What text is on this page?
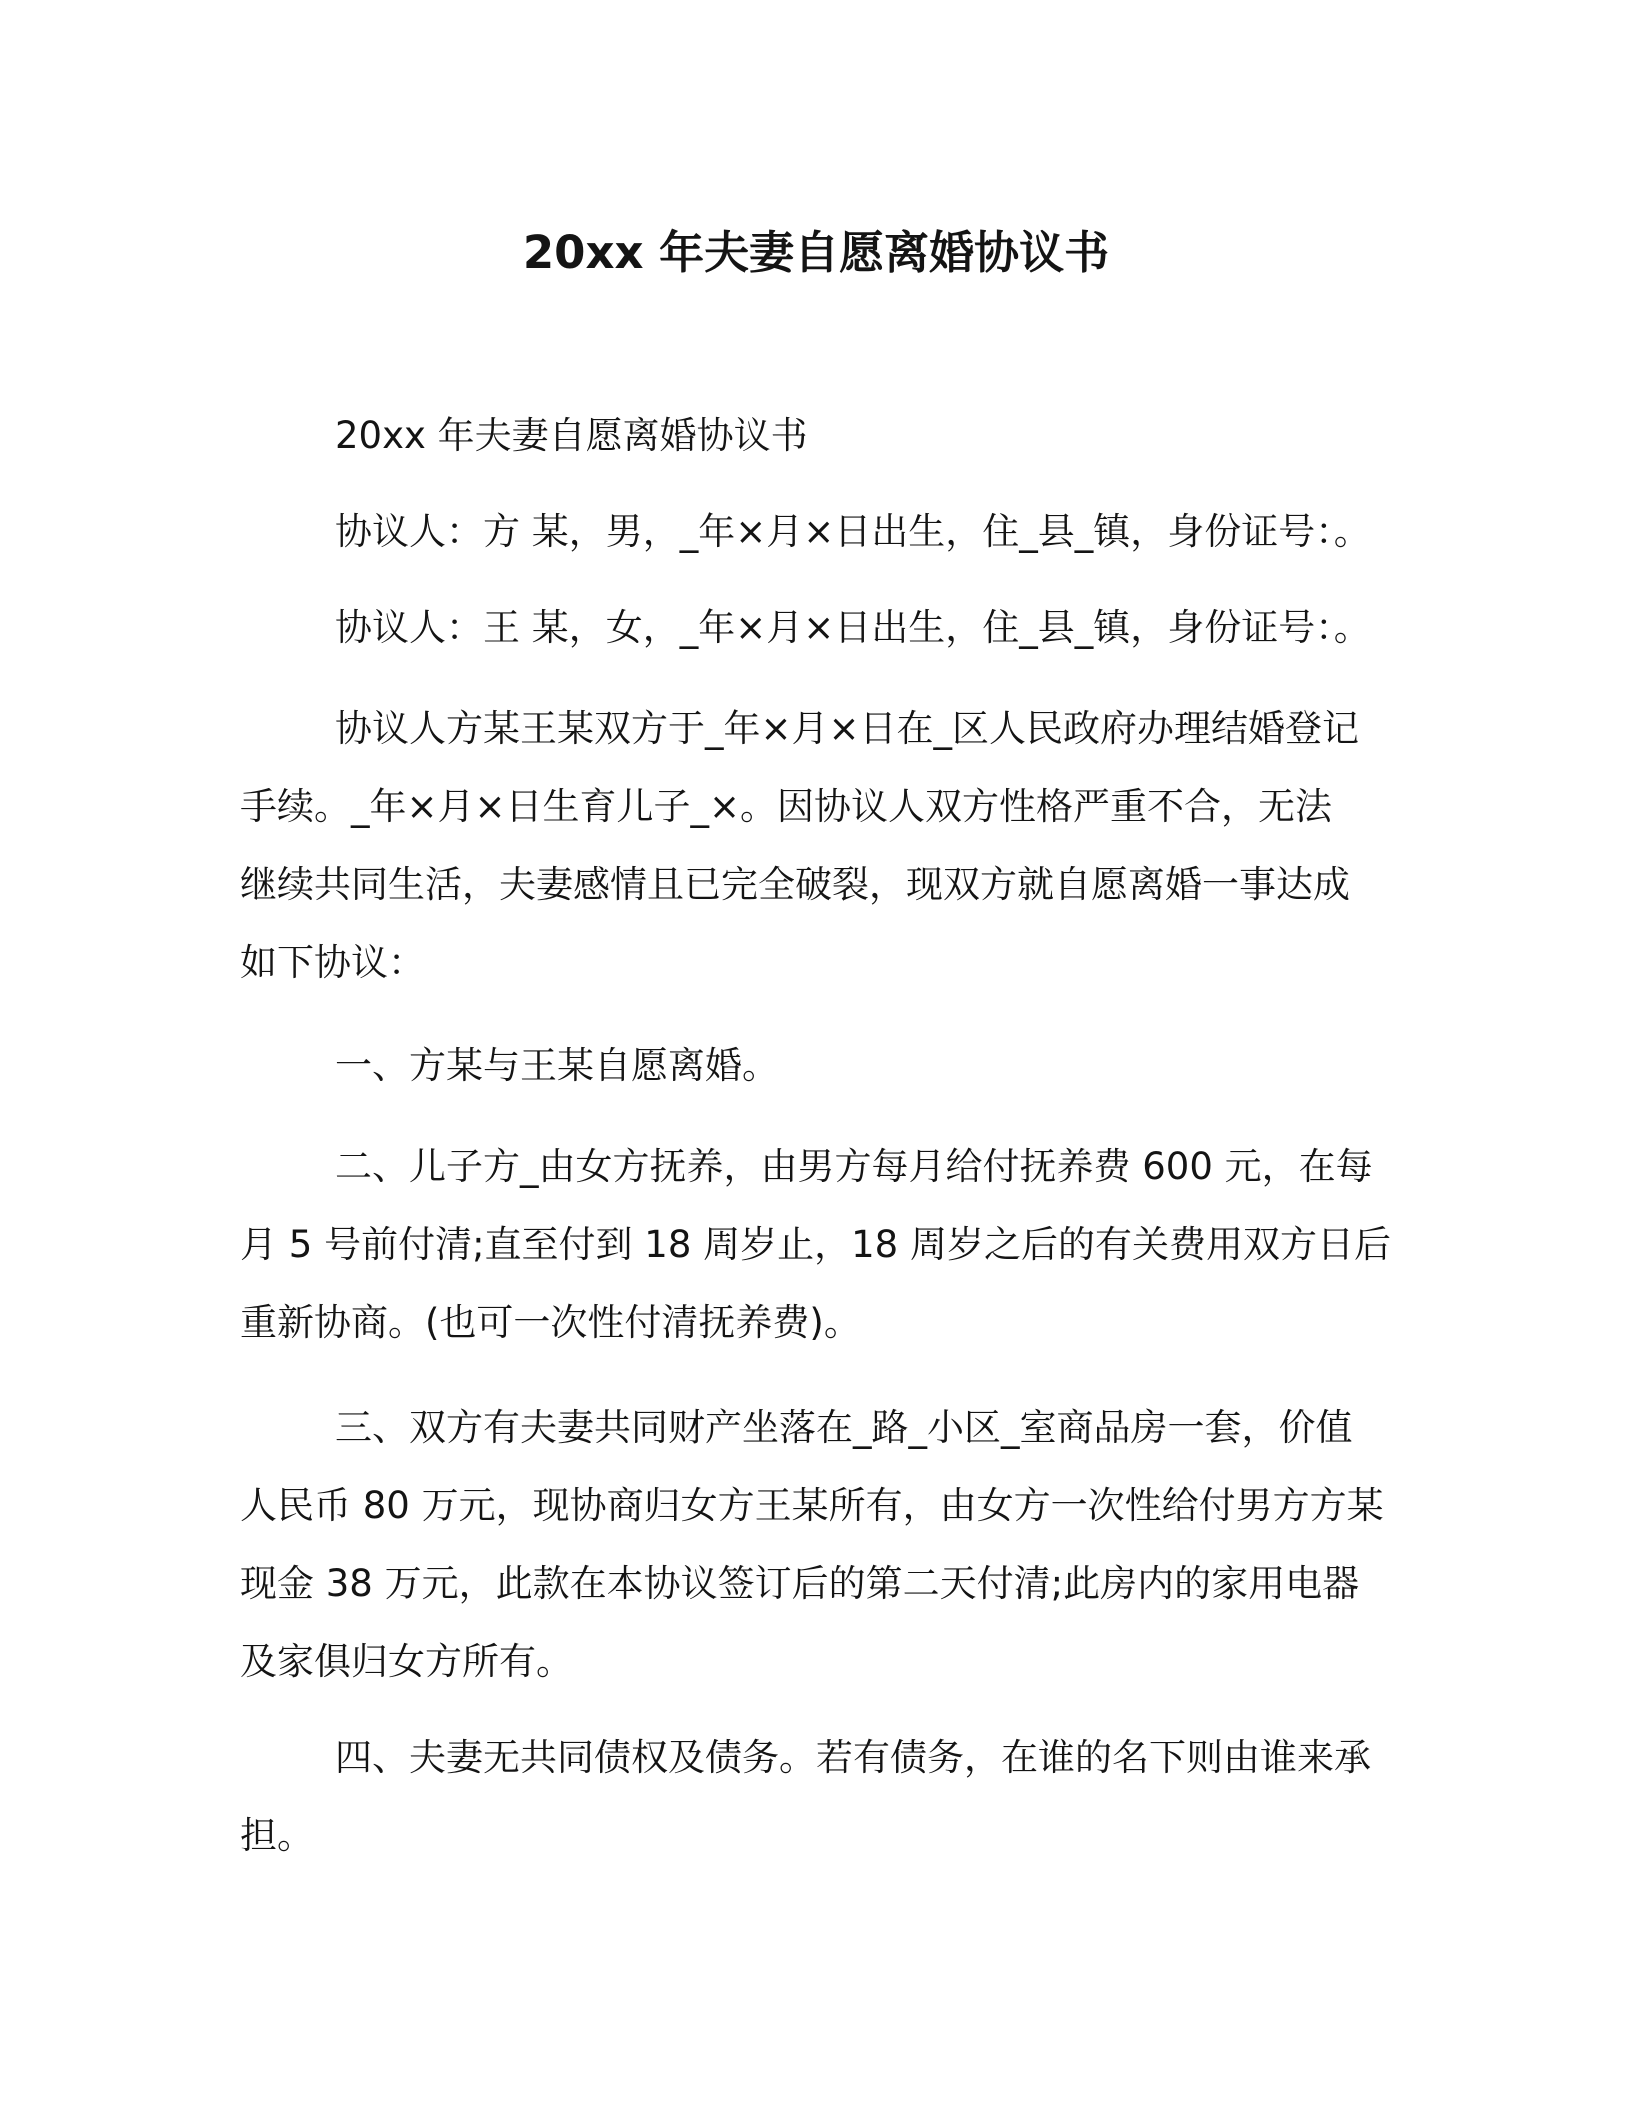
20xx 年夫妻自愿离婚协议书
20xx 年夫妻自愿离婚协议书
协议人：方 某，男，_年×月×日出生，住_县_镇，身份证号：。
协议人：王 某，女，_年×月×日出生，住_县_镇，身份证号：。
协议人方某王某双方于_年×月×日在_区人民政府办理结婚登记
手续。_年×月×日生育儿子_×。因协议人双方性格严重不合，无法
继续共同生活，夫妻感情且已完全破裂，现双方就自愿离婚一事达成
如下协议：
一、方某与王某自愿离婚。
二、儿子方_由女方抚养，由男方每月给付抚养费 600 元，在每
月 5 号前付清;直至付到 18 周岁止，18 周岁之后的有关费用双方日后
重新协商。(也可一次性付清抚养费)。
三、双方有夫妻共同财产坐落在_路_小区_室商品房一套，价值
人民币 80 万元，现协商归女方王某所有，由女方一次性给付男方方某
现金 38 万元，此款在本协议签订后的第二天付清;此房内的家用电器
及家俱归女方所有。
四、夫妻无共同债权及债务。若有债务，在谁的名下则由谁来承
担。
